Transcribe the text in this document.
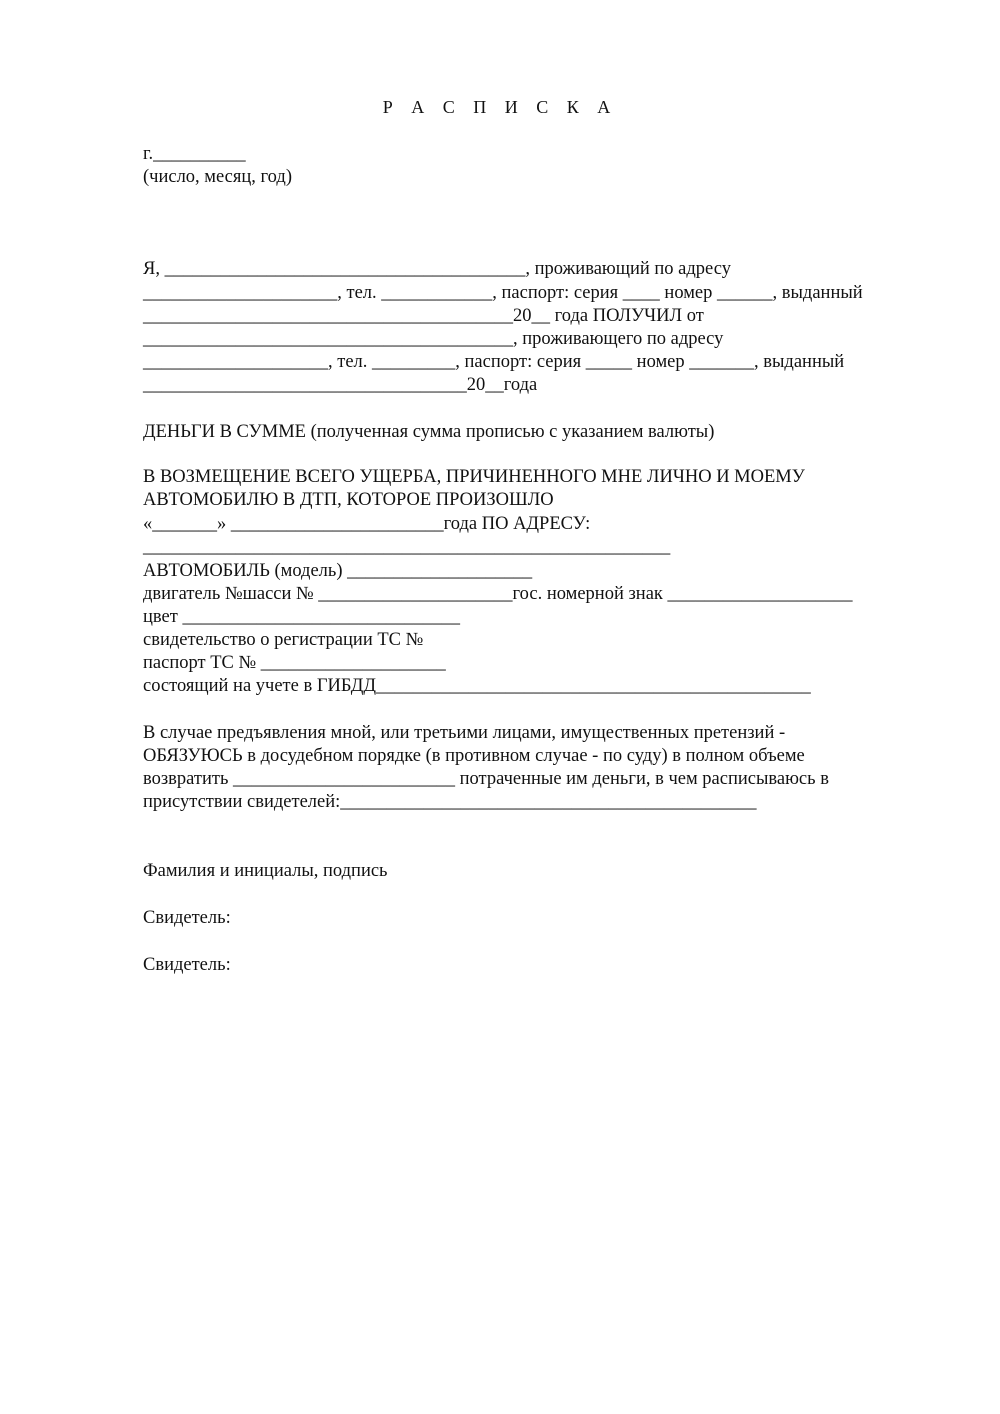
Р А С П И С К А
г.__________
(число, месяц, год)
Я, _______________________________________, проживающий по адресу
_____________________, тел. ____________, паспорт: серия ____ номер ______, выданный
________________________________________20__ года ПОЛУЧИЛ от
________________________________________, проживающего по адресу
____________________, тел. _________, паспорт: серия _____ номер _______, выданный
___________________________________20__года
ДЕНЬГИ В СУММЕ (полученная сумма прописью с указанием валюты)
В ВОЗМЕЩЕНИЕ ВСЕГО УЩЕРБА, ПРИЧИНЕННОГО МНЕ ЛИЧНО И МОЕМУ
АВТОМОБИЛЮ В ДТП, КОТОРОЕ ПРОИЗОШЛО
«_______» _______________________года ПО АДРЕСУ:
_________________________________________________________
АВТОМОБИЛЬ (модель) ____________________
двигатель №шасси № _____________________гос. номерной знак ____________________
цвет ______________________________
свидетельство о регистрации ТС №
паспорт ТС № ____________________
состоящий на учете в ГИБДД_______________________________________________
В случае предъявления мной, или третьими лицами, имущественных претензий -
ОБЯЗУЮСЬ в досудебном порядке (в противном случае - по суду) в полном объеме
возвратить ________________________ потраченные им деньги, в чем расписываюсь в
присутствии свидетелей:_____________________________________________
Фамилия и инициалы, подпись
Свидетель:
Свидетель:
